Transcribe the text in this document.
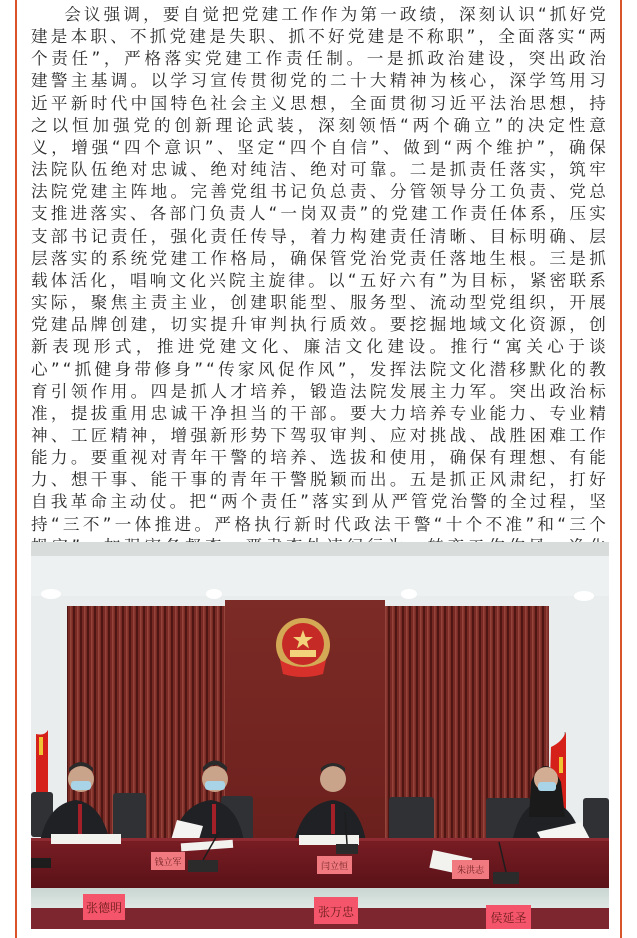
会议强调，要自觉把党建工作作为第一政绩，深刻认识“抓好党建是本职、不抓党建是失职、抓不好党建是不称职”，全面落实“两个责任”，严格落实党建工作责任制。一是抓政治建设，突出政治建警主基调。以学习宣传贯彻党的二十大精神为核心，深学笃用习近平新时代中国特色社会主义思想，全面贯彻习近平法治思想，持之以恒加强党的创新理论武装，深刻领悟“两个确立”的决定性意义，增强“四个意识”、坚定“四个自信”、做到“两个维护”，确保法院队伍绝对忠诚、绝对纯洁、绝对可靠。二是抓责任落实，筑牢法院党建主阵地。完善党组书记负总责、分管领导分工负责、党总支推进落实、各部门负责人“一岗双责”的党建工作责任体系，压实支部书记责任，强化责任传导，着力构建责任清晰、目标明确、层层落实的系统党建工作格局，确保管党治党责任落地生根。三是抓载体活化，唱响文化兴院主旋律。以“五好六有”为目标，紧密联系实际，聚焦主责主业，创建职能型、服务型、流动型党组织，开展党建品牌创建，切实提升审判执行质效。要挖掘地域文化资源，创新表现形式，推进党建文化、廉洁文化建设。推行“寓关心于谈心”“抓健身带修身”“传家风促作风”，发挥法院文化潜移默化的教育引领作用。四是抓人才培养，锻造法院发展主力军。突出政治标准，提拔重用忠诚干净担当的干部。要大力培养专业能力、专业精神、工匠精神，增强新形势下驾驭审判、应对挑战、战胜困难工作能力。要重视对青年干警的培养、选拔和使用，确保有理想、有能力、想干事、能干事的青年干警脱颖而出。五是抓正风肃纪，打好自我革命主动仗。把“两个责任”落实到从严管党治警的全过程，坚持“三不”一体推进。严格执行新时代政法干警“十个不准”和“三个

钱立军	闫立恒	朱洪志
张德明	张万忠	侯延圣
